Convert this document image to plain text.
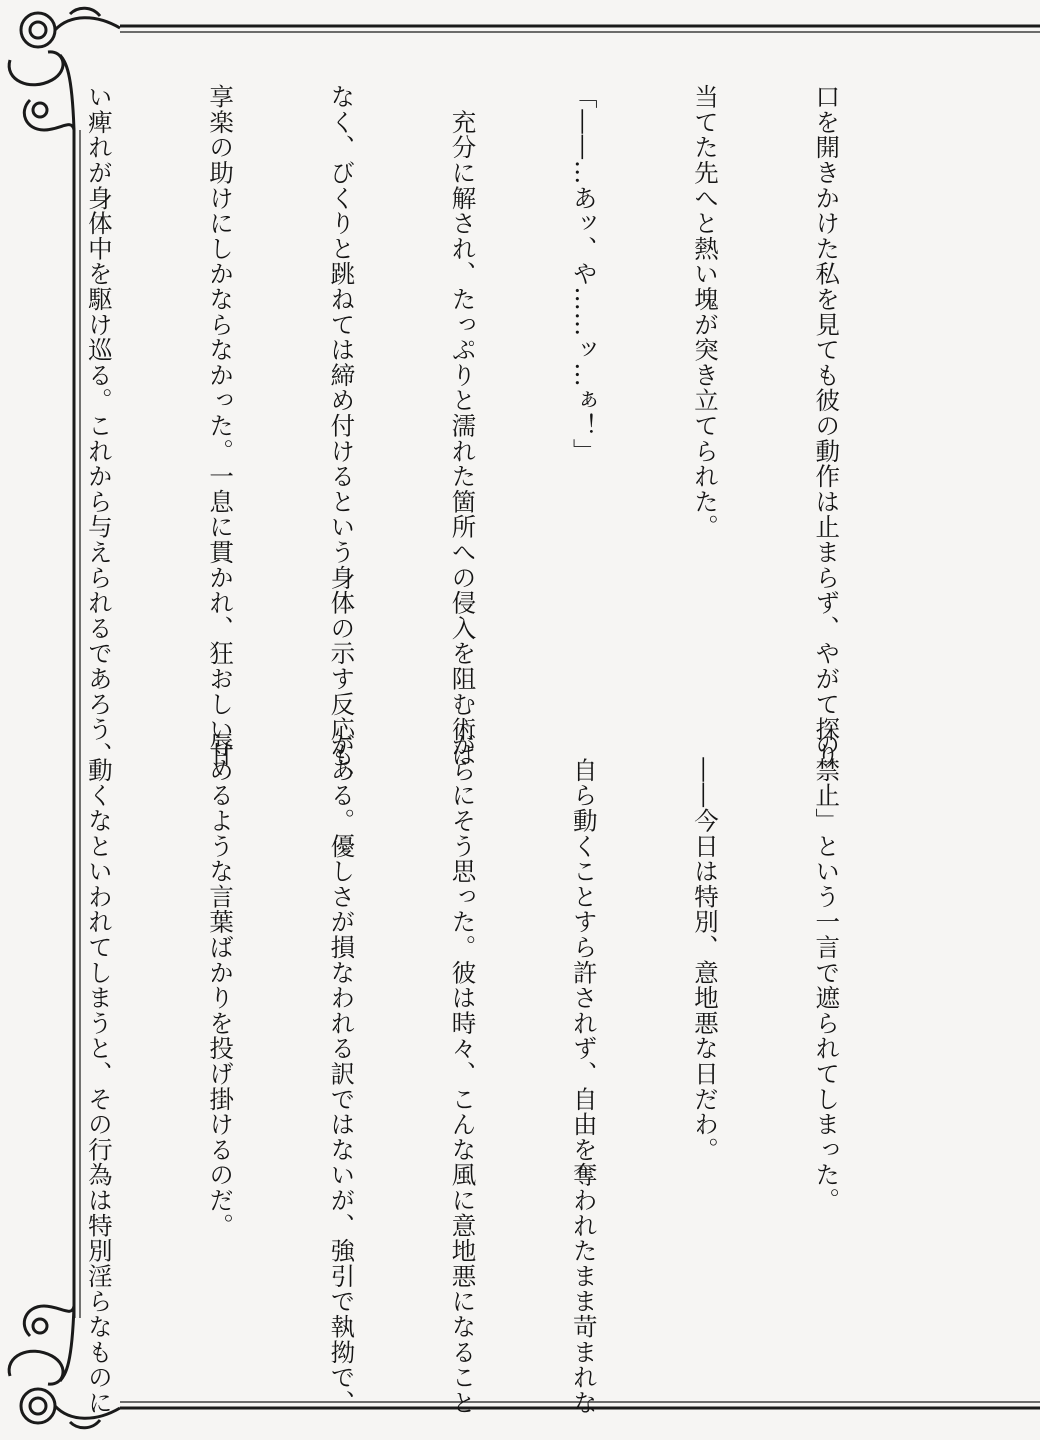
口を開きかけた私を見ても彼の動作は止まらず、やがて探り

当てた先へと熱い塊が突き立てられた。

「――…あッ、や……ッ…ぁ！」

　充分に解され、たっぷりと濡れた箇所への侵入を阻む術は

なく、びくりと跳ねては締め付けるという身体の示す反応も、

享楽の助けにしかならなかった。一息に貫かれ、狂おしい甘

い痺れが身体中を駆け巡る。これから与えられるであろう、

の禁止」という一言で遮られてしまった。

　――今日は特別、意地悪な日だわ。

　自ら動くことすら許されず、自由を奪われたまま苛まれな

がらにそう思った。彼は時々、こんな風に意地悪になること

がある。優しさが損なわれる訳ではないが、強引で執拗で、

辱めるような言葉ばかりを投げ掛けるのだ。

　動くなといわれてしまうと、その行為は特別淫らなものに
